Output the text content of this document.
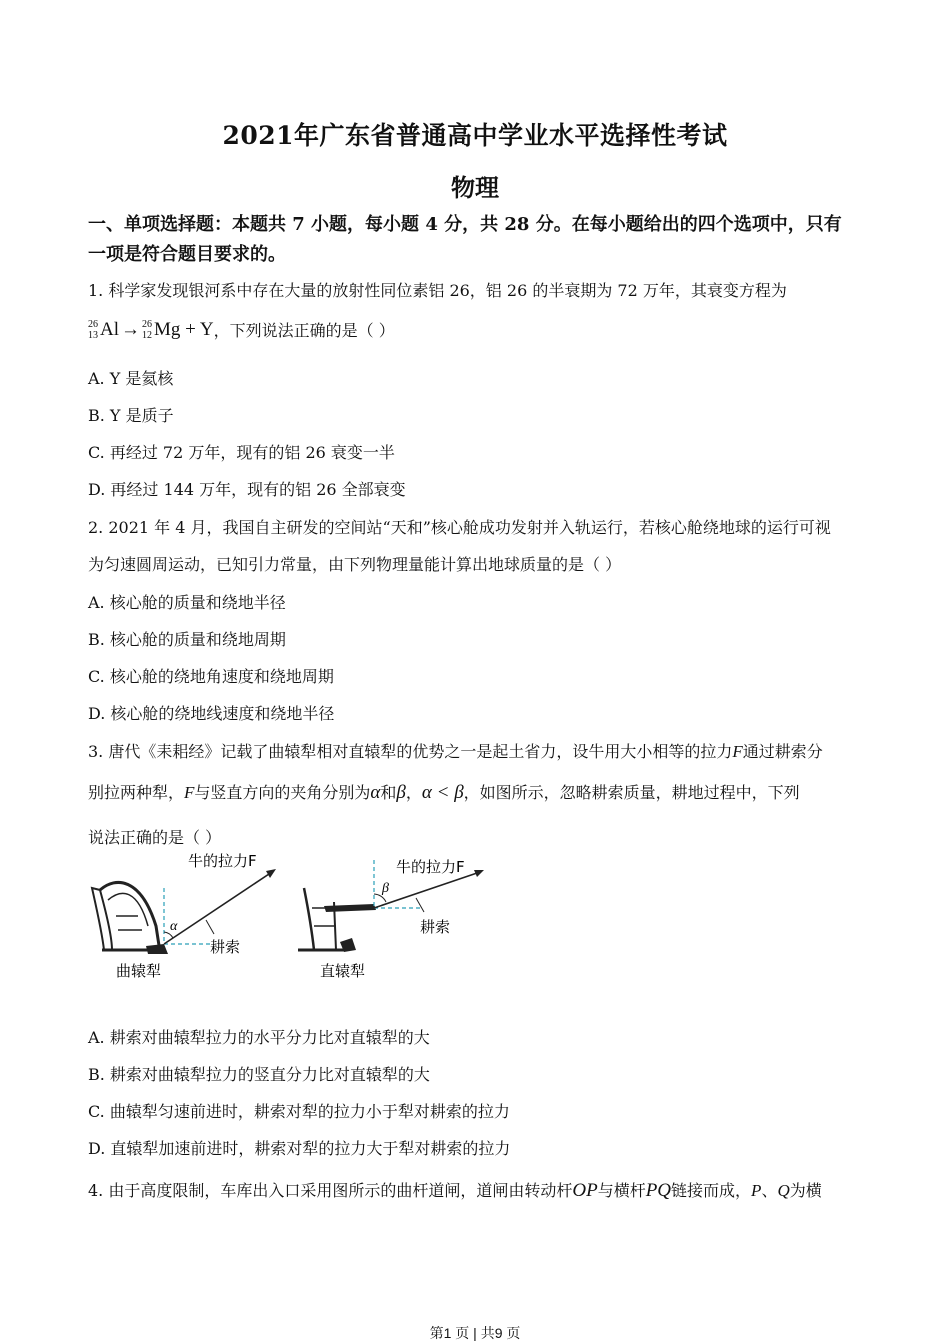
2021年广东省普通高中学业水平选择性考试
物理
一、单项选择题：本题共 7 小题，每小题 4 分，共 28 分。在每小题给出的四个选项中，只有
一项是符合题目要求的。
1. 科学家发现银河系中存在大量的放射性同位素铝 26，铝 26 的半衰期为 72 万年，其衰变方程为
26
13 Al → 26
12 Mg + Y ，下列说法正确的是（ ）
A. Y 是氦核
B. Y 是质子
C. 再经过 72 万年，现有的铝 26 衰变一半
D. 再经过 144 万年，现有的铝 26 全部衰变
2. 2021 年 4 月，我国自主研发的空间站“天和”核心舱成功发射并入轨运行，若核心舱绕地球的运行可视
为匀速圆周运动，已知引力常量，由下列物理量能计算出地球质量的是（ ）
A. 核心舱的质量和绕地半径
B. 核心舱的质量和绕地周期
C. 核心舱的绕地角速度和绕地周期
D. 核心舱的绕地线速度和绕地半径
3. 唐代《耒耜经》记载了曲辕犁相对直辕犁的优势之一是起土省力，设牛用大小相等的拉力F通过耕索分
别拉两种犁，F与竖直方向的夹角分别为α和β，α < β，如图所示，忽略耕索质量，耕地过程中，下列
说法正确的是（ ）
α
牛的拉力F
耕索
曲辕犁
β
牛的拉力F
耕索
直辕犁
A. 耕索对曲辕犁拉力的水平分力比对直辕犁的大
B. 耕索对曲辕犁拉力的竖直分力比对直辕犁的大
C. 曲辕犁匀速前进时，耕索对犁的拉力小于犁对耕索的拉力
D. 直辕犁加速前进时，耕索对犁的拉力大于犁对耕索的拉力
4. 由于高度限制，车库出入口采用图所示的曲杆道闸，道闸由转动杆OP与横杆PQ链接而成，P、Q为横
第1 页 | 共9 页
